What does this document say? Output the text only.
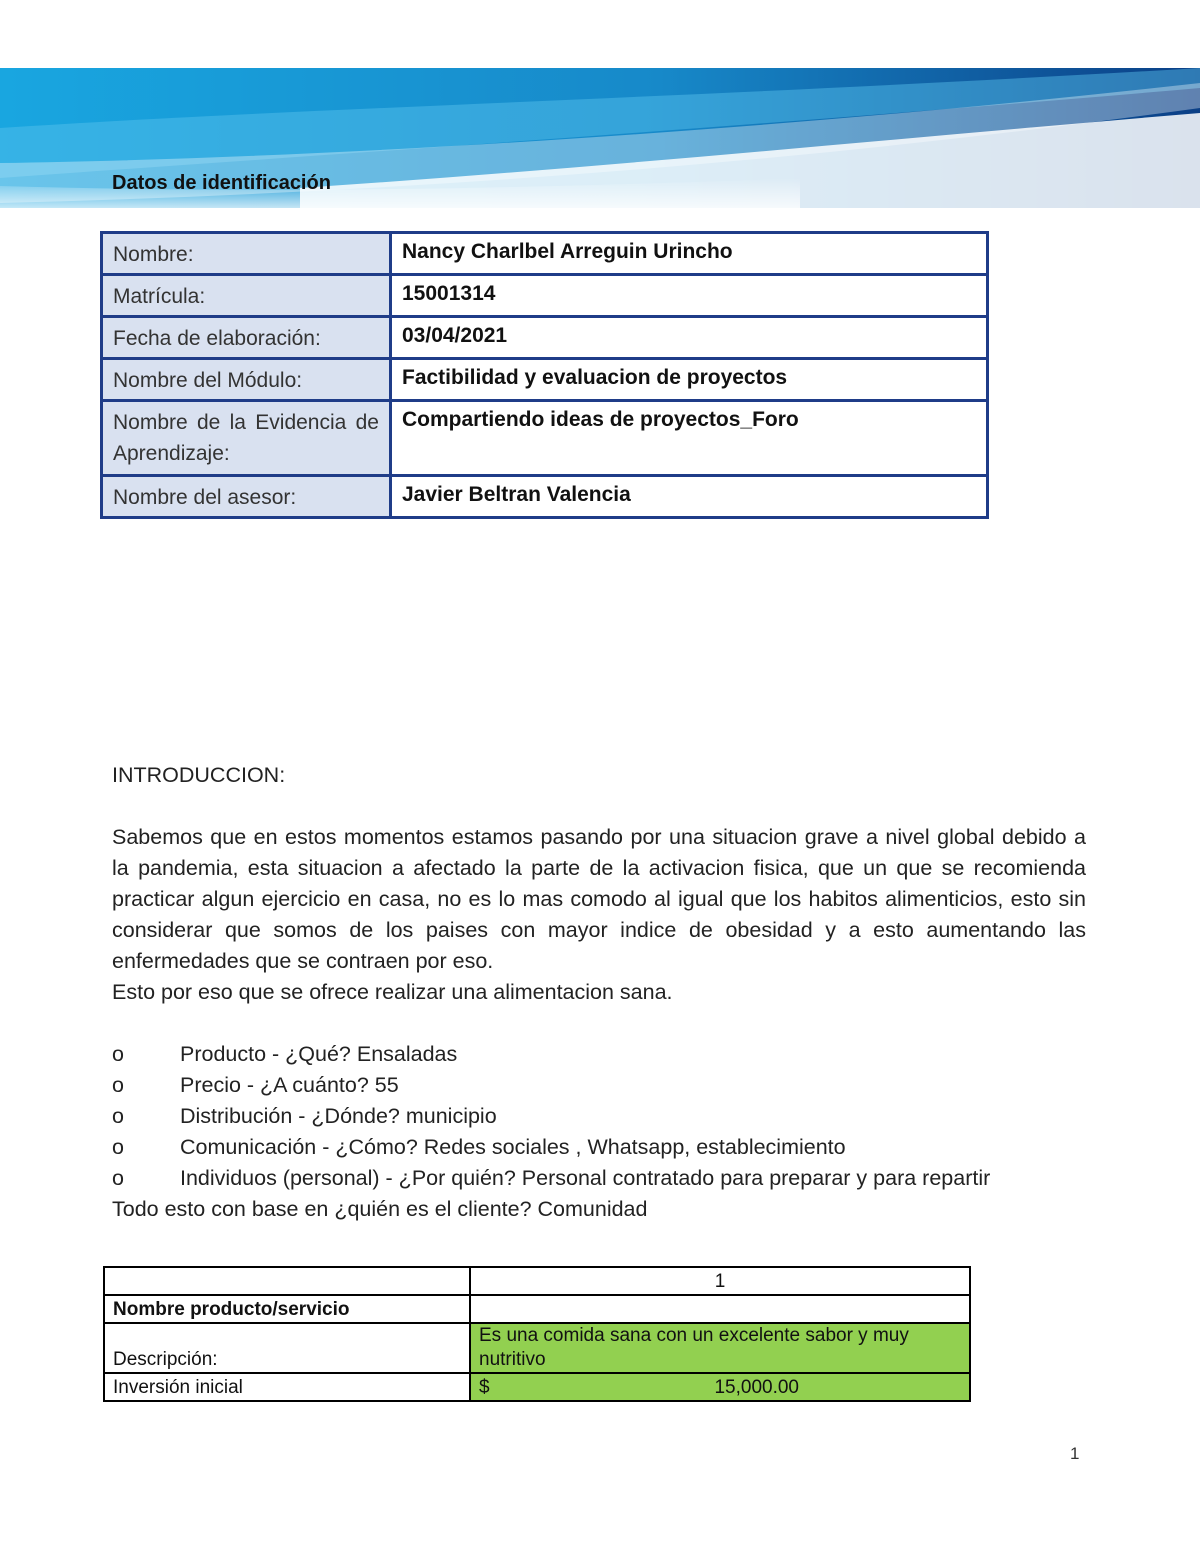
Datos de identificación
Nombre:	Nancy Charlbel Arreguin Urincho
Matrícula:	15001314
Fecha de elaboración:	03/04/2021
Nombre del Módulo:	Factibilidad y evaluacion de proyectos
Nombre de la Evidencia de Aprendizaje:	Compartiendo ideas de proyectos_Foro
Nombre del asesor:	Javier Beltran Valencia

INTRODUCCION:

Sabemos que en estos momentos estamos pasando por una situacion grave a nivel global debido a la pandemia, esta situacion a afectado la parte de la activacion fisica, que un que se recomienda practicar algun ejercicio en casa, no es lo mas comodo al igual que los habitos alimenticios, esto sin considerar que somos de los paises con mayor indice de obesidad y a esto aumentando las enfermedades que se contraen por eso.

Esto por eso que se ofrece realizar una alimentacion sana.

o	Producto - ¿Qué? Ensaladas
o	Precio - ¿A cuánto? 55
o	Distribución - ¿Dónde? municipio
o	Comunicación - ¿Cómo? Redes sociales , Whatsapp, establecimiento
o	Individuos (personal) - ¿Por quién? Personal contratado para preparar y para repartir

Todo esto con base en ¿quién es el cliente? Comunidad

	1
Nombre producto/servicio	
Descripción:	Es una comida sana con un excelente sabor y muy nutritivo
Inversión inicial	$ 15,000.00
1
